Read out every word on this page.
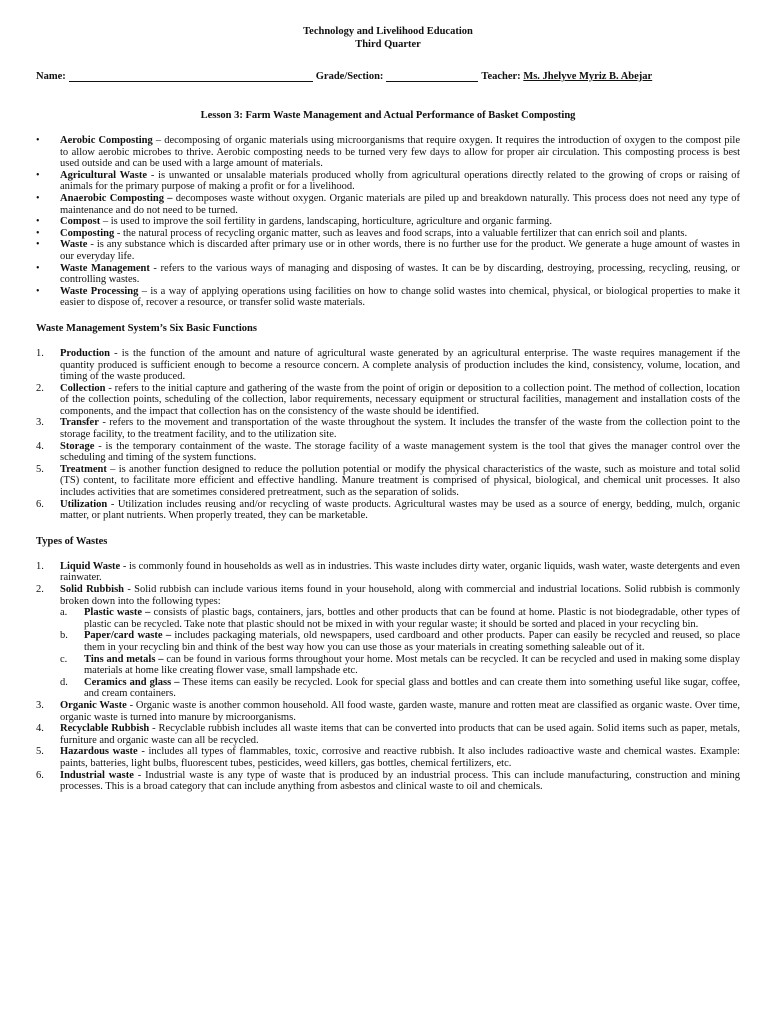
Technology and Livelihood Education
Third Quarter
Name:	Grade/Section:	Teacher:
Ms. Jhelyve Myriz B. Abejar
Lesson 3: Farm Waste Management and Actual Performance of Basket Composting
• Aerobic Composting – decomposing of organic materials using microorganisms that require oxygen. It requires the introduction of oxygen to the compost pile to allow aerobic microbes to thrive. Aerobic composting needs to be turned very few days to allow for proper air circulation. This composting process is best used outside and can be used with a large amount of materials.
• Agricultural Waste - is unwanted or unsalable materials produced wholly from agricultural operations directly related to the growing of crops or raising of animals for the primary purpose of making a profit or for a livelihood.
• Anaerobic Composting – decomposes waste without oxygen. Organic materials are piled up and breakdown naturally. This process does not need any type of maintenance and do not need to be turned.
• Compost – is used to improve the soil fertility in gardens, landscaping, horticulture, agriculture and organic farming.
• Composting - the natural process of recycling organic matter, such as leaves and food scraps, into a valuable fertilizer that can enrich soil and plants.
• Waste - is any substance which is discarded after primary use or in other words, there is no further use for the product. We generate a huge amount of wastes in our everyday life.
• Waste Management - refers to the various ways of managing and disposing of wastes. It can be by discarding, destroying, processing, recycling, reusing, or controlling wastes.
• Waste Processing – is a way of applying operations using facilities on how to change solid wastes into chemical, physical, or biological properties to make it easier to dispose of, recover a resource, or transfer solid waste materials.
Waste Management System’s Six Basic Functions
1. Production - is the function of the amount and nature of agricultural waste generated by an agricultural enterprise. The waste requires management if the quantity produced is sufficient enough to become a resource concern. A complete analysis of production includes the kind, consistency, volume, location, and timing of the waste produced.
2. Collection - refers to the initial capture and gathering of the waste from the point of origin or deposition to a collection point. The method of collection, location of the collection points, scheduling of the collection, labor requirements, necessary equipment or structural facilities, management and installation costs of the components, and the impact that collection has on the consistency of the waste should be identified.
3. Transfer - refers to the movement and transportation of the waste throughout the system. It includes the transfer of the waste from the collection point to the storage facility, to the treatment facility, and to the utilization site.
4. Storage - is the temporary containment of the waste. The storage facility of a waste management system is the tool that gives the manager control over the scheduling and timing of the system functions.
5. Treatment – is another function designed to reduce the pollution potential or modify the physical characteristics of the waste, such as moisture and total solid (TS) content, to facilitate more efficient and effective handling. Manure treatment is comprised of physical, biological, and chemical unit processes. It also includes activities that are sometimes considered pretreatment, such as the separation of solids.
6. Utilization - Utilization includes reusing and/or recycling of waste products. Agricultural wastes may be used as a source of energy, bedding, mulch, organic matter, or plant nutrients. When properly treated, they can be marketable.
Types of Wastes
1. Liquid Waste - is commonly found in households as well as in industries. This waste includes dirty water, organic liquids, wash water, waste detergents and even rainwater.
2. Solid Rubbish - Solid rubbish can include various items found in your household, along with commercial and industrial locations. Solid rubbish is commonly broken down into the following types:
a. Plastic waste – consists of plastic bags, containers, jars, bottles and other products that can be found at home. Plastic is not biodegradable, other types of plastic can be recycled. Take note that plastic should not be mixed in with your regular waste; it should be sorted and placed in your recycling bin.
b. Paper/card waste – includes packaging materials, old newspapers, used cardboard and other products. Paper can easily be recycled and reused, so place them in your recycling bin and think of the best way how you can use those as your materials in creating something saleable out of it.
c. Tins and metals – can be found in various forms throughout your home. Most metals can be recycled. It can be recycled and used in making some display materials at home like creating flower vase, small lampshade etc.
d. Ceramics and glass – These items can easily be recycled. Look for special glass and bottles and can create them into something useful like sugar, coffee, and cream containers.
3. Organic Waste - Organic waste is another common household. All food waste, garden waste, manure and rotten meat are classified as organic waste. Over time, organic waste is turned into manure by microorganisms.
4. Recyclable Rubbish - Recyclable rubbish includes all waste items that can be converted into products that can be used again. Solid items such as paper, metals, furniture and organic waste can all be recycled.
5. Hazardous waste - includes all types of flammables, toxic, corrosive and reactive rubbish. It also includes radioactive waste and chemical wastes. Example: paints, batteries, light bulbs, fluorescent tubes, pesticides, weed killers, gas bottles, chemical fertilizers, etc.
6. Industrial waste - Industrial waste is any type of waste that is produced by an industrial process. This can include manufacturing, construction and mining processes. This is a broad category that can include anything from asbestos and clinical waste to oil and chemicals.
